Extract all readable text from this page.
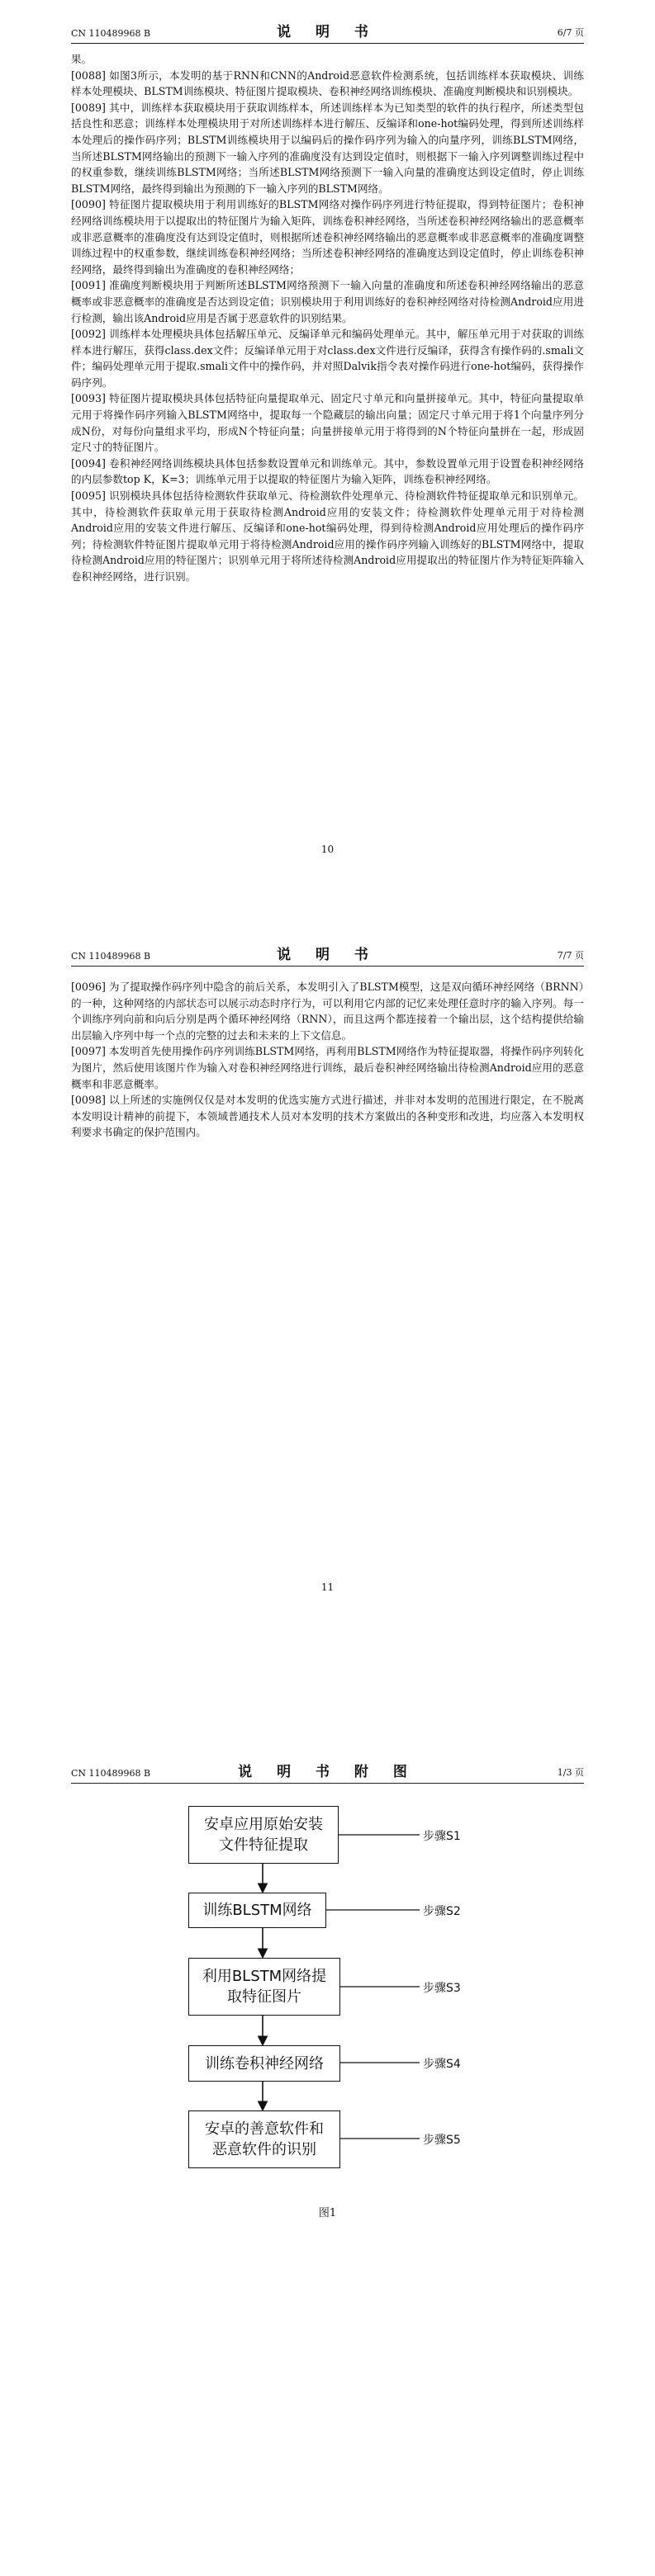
CN 110489968 B	说 明 书	6/7 页

果。

[0088] 如图3所示，本发明的基于RNN和CNN的Android恶意软件检测系统，包括训练样本获取模块、训练样本处理模块、BLSTM训练模块、特征图片提取模块、卷积神经网络训练模块、准确度判断模块和识别模块。

[0089] 其中，训练样本获取模块用于获取训练样本，所述训练样本为已知类型的软件的执行程序，所述类型包括良性和恶意；训练样本处理模块用于对所述训练样本进行解压、反编译和one-hot编码处理，得到所述训练样本处理后的操作码序列；BLSTM训练模块用于以编码后的操作码序列为输入的向量序列，训练BLSTM网络，当所述BLSTM网络输出的预测下一输入序列的准确度没有达到设定值时，则根据下一输入序列调整训练过程中的权重参数，继续训练BLSTM网络；当所述BLSTM网络预测下一输入向量的准确度达到设定值时，停止训练BLSTM网络，最终得到输出为预测的下一输入序列的BLSTM网络。

[0090] 特征图片提取模块用于利用训练好的BLSTM网络对操作码序列进行特征提取，得到特征图片；卷积神经网络训练模块用于以提取出的特征图片为输入矩阵，训练卷积神经网络，当所述卷积神经网络输出的恶意概率或非恶意概率的准确度没有达到设定值时，则根据所述卷积神经网络输出的恶意概率或非恶意概率的准确度调整训练过程中的权重参数，继续训练卷积神经网络；当所述卷积神经网络的准确度达到设定值时，停止训练卷积神经网络，最终得到输出为准确度的卷积神经网络；

[0091] 准确度判断模块用于判断所述BLSTM网络预测下一输入向量的准确度和所述卷积神经网络输出的恶意概率或非恶意概率的准确度是否达到设定值；识别模块用于利用训练好的卷积神经网络对待检测Android应用进行检测，输出该Android应用是否属于恶意软件的识别结果。

[0092] 训练样本处理模块具体包括解压单元、反编译单元和编码处理单元。其中，解压单元用于对获取的训练样本进行解压，获得class.dex文件；反编译单元用于对class.dex文件进行反编译，获得含有操作码的.smali文件；编码处理单元用于提取.smali文件中的操作码，并对照Dalvik指令表对操作码进行one-hot编码，获得操作码序列。

[0093] 特征图片提取模块具体包括特征向量提取单元、固定尺寸单元和向量拼接单元。其中，特征向量提取单元用于将操作码序列输入BLSTM网络中，提取每一个隐藏层的输出向量；固定尺寸单元用于将1个向量序列分成N份，对每份向量组求平均，形成N个特征向量；向量拼接单元用于将得到的N个特征向量拼在一起，形成固定尺寸的特征图片。

[0094] 卷积神经网络训练模块具体包括参数设置单元和训练单元。其中，参数设置单元用于设置卷积神经网络的内层参数top K，K=3；训练单元用于以提取的特征图片为输入矩阵，训练卷积神经网络。

[0095] 识别模块具体包括待检测软件获取单元、待检测软件处理单元、待检测软件特征提取单元和识别单元。其中，待检测软件获取单元用于获取待检测Android应用的安装文件；待检测软件处理单元用于对待检测Android应用的安装文件进行解压、反编译和one-hot编码处理，得到待检测Android应用处理后的操作码序列；待检测软件特征图片提取单元用于将待检测Android应用的操作码序列输入训练好的BLSTM网络中，提取待检测Android应用的特征图片；识别单元用于将所述待检测Android应用提取出的特征图片作为特征矩阵输入卷积神经网络，进行识别。

10
CN 110489968 B	说 明 书	7/7 页

[0096] 为了提取操作码序列中隐含的前后关系，本发明引入了BLSTM模型，这是双向循环神经网络（BRNN）的一种，这种网络的内部状态可以展示动态时序行为，可以利用它内部的记忆来处理任意时序的输入序列。每一个训练序列向前和向后分别是两个循环神经网络（RNN），而且这两个都连接着一个输出层，这个结构提供给输出层输入序列中每一个点的完整的过去和未来的上下文信息。

[0097] 本发明首先使用操作码序列训练BLSTM网络，再利用BLSTM网络作为特征提取器，将操作码序列转化为图片，然后使用该图片作为输入对卷积神经网络进行训练，最后卷积神经网络输出待检测Android应用的恶意概率和非恶意概率。

[0098] 以上所述的实施例仅仅是对本发明的优选实施方式进行描述，并非对本发明的范围进行限定，在不脱离本发明设计精神的前提下，本领域普通技术人员对本发明的技术方案做出的各种变形和改进，均应落入本发明权利要求书确定的保护范围内。

11
CN 110489968 B	说 明 书 附 图	1/3 页
安卓应用原始安装
文件特征提取
训练BLSTM网络
利用BLSTM网络提
取特征图片
训练卷积神经网络
安卓的善意软件和
恶意软件的识别
步骤S1
步骤S2
步骤S3
步骤S4
步骤S5
图1
